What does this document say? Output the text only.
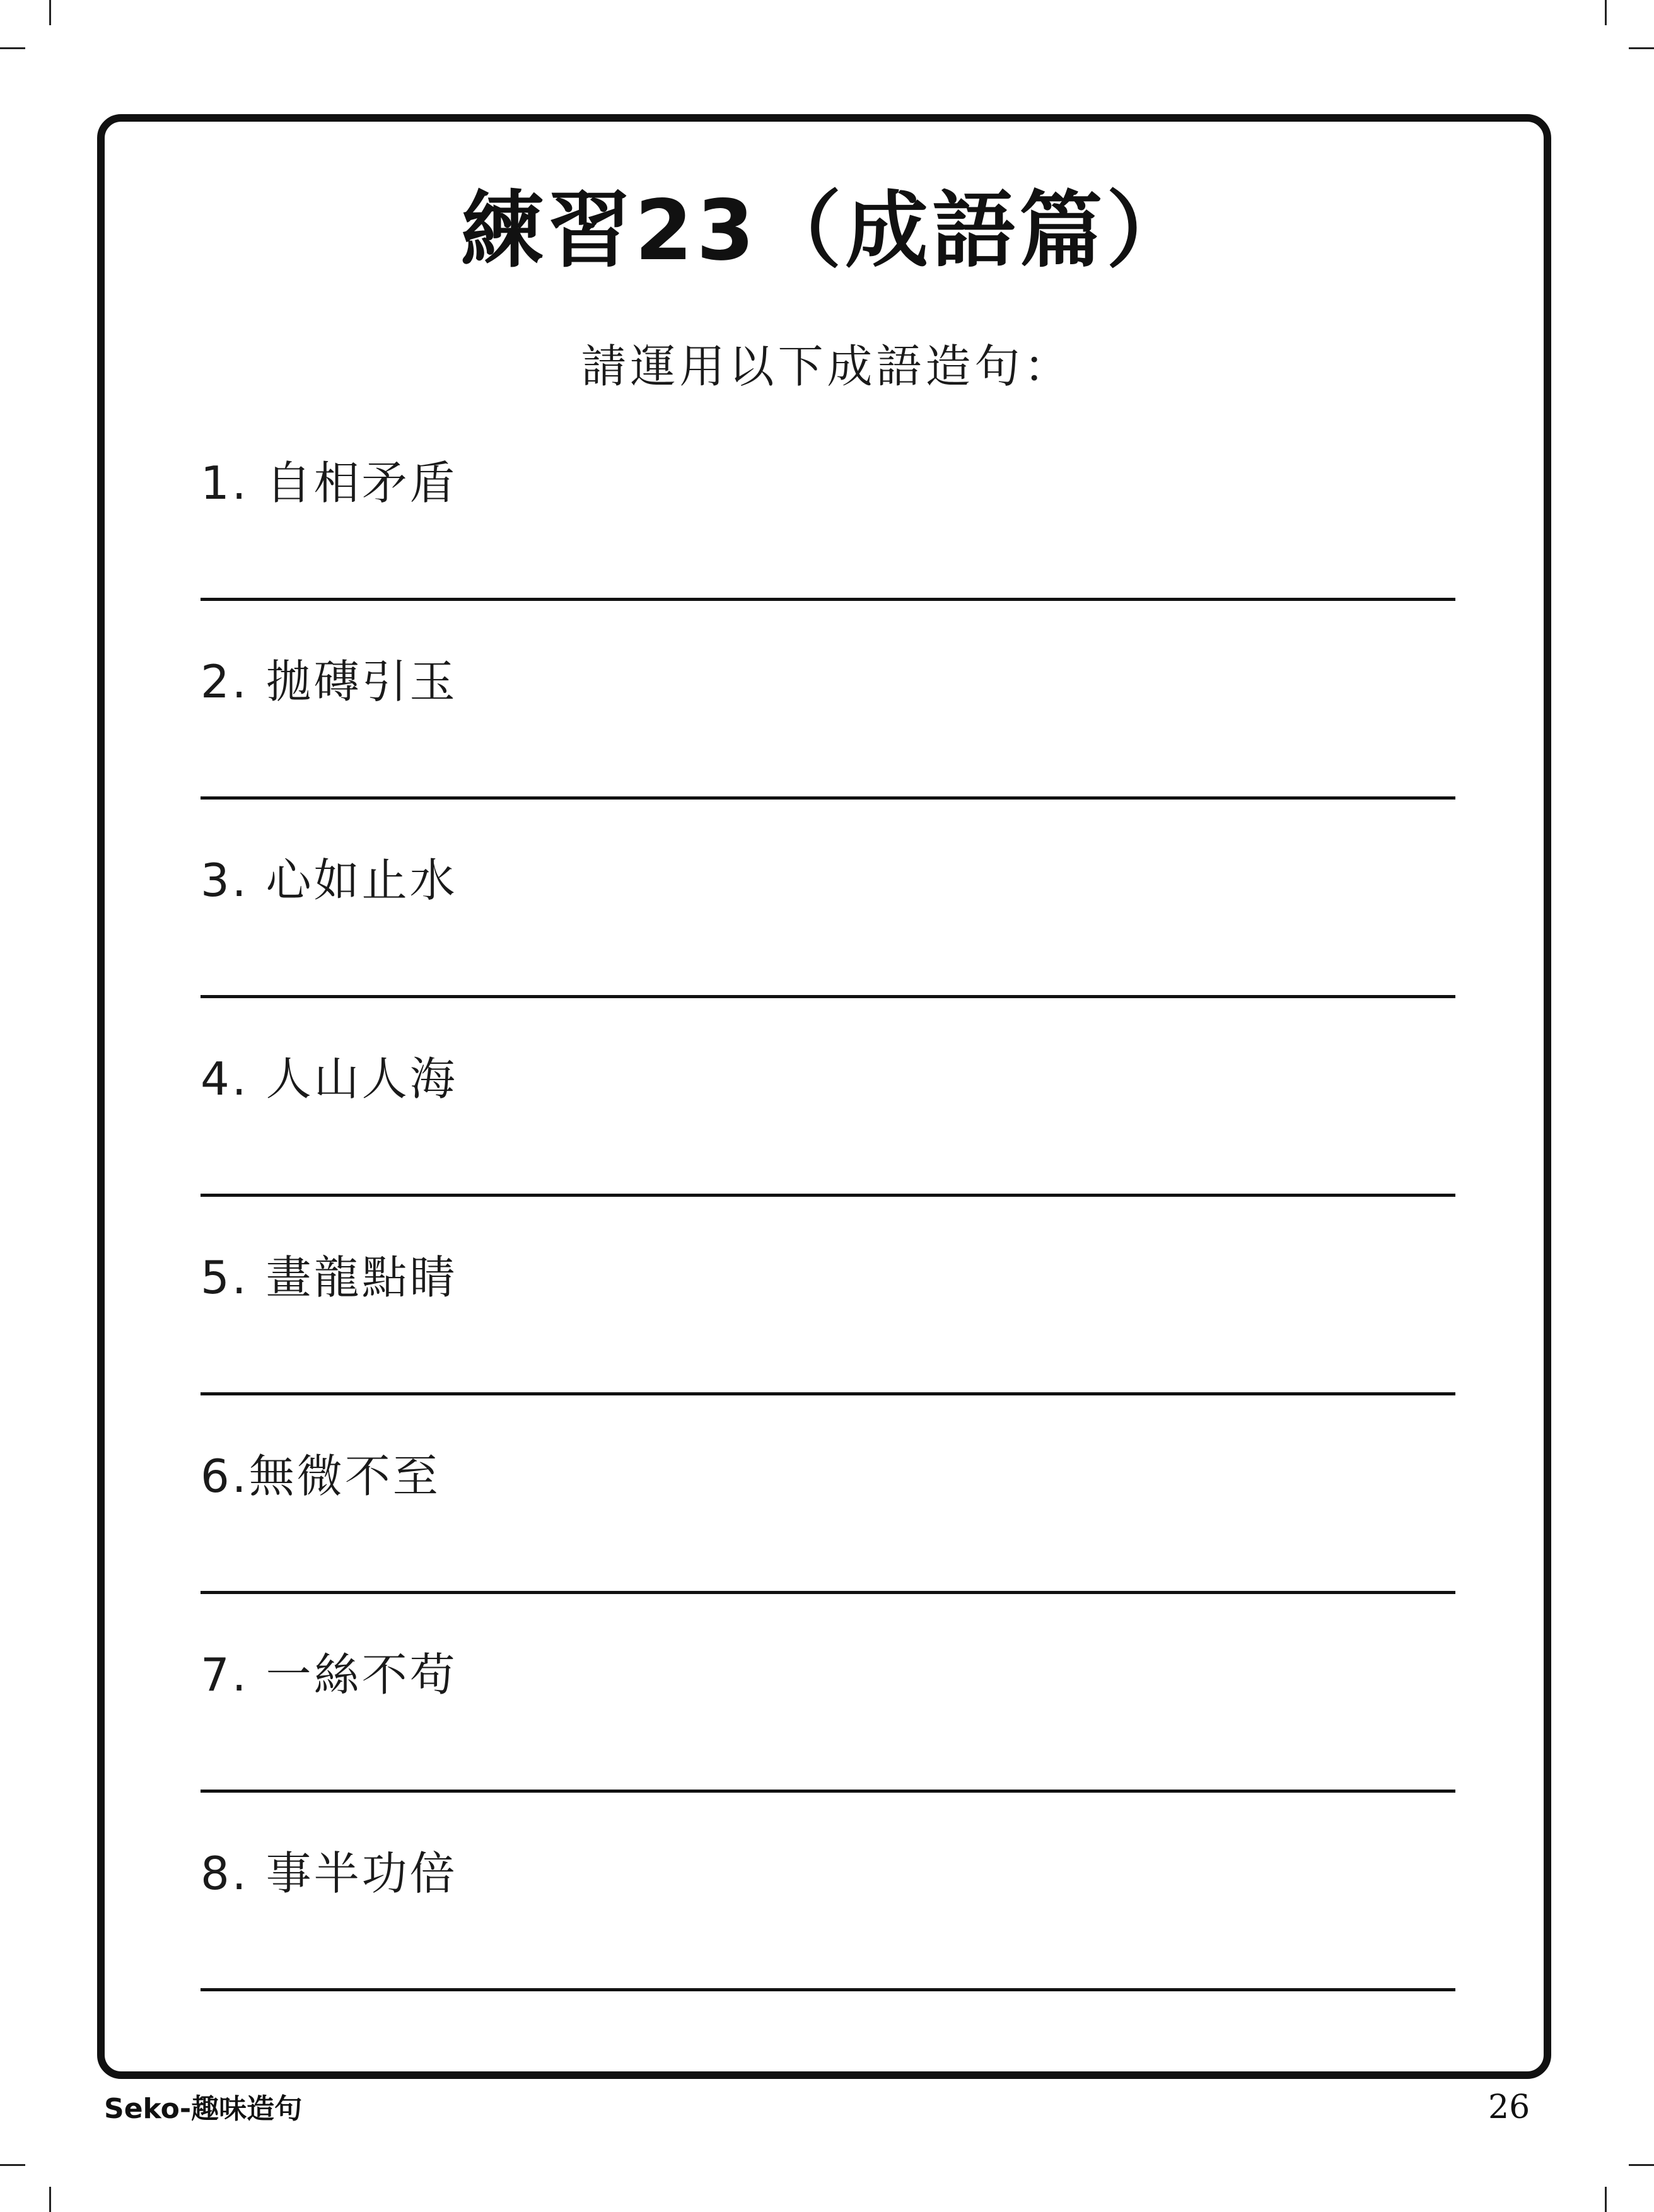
練習23（成語篇）
請運用以下成語造句：
1. 自相矛盾
2. 拋磚引玉
3. 心如止水
4. 人山人海
5. 畫龍點睛
6.無微不至
7. 一絲不苟
8. 事半功倍
Seko-趣味造句	26
